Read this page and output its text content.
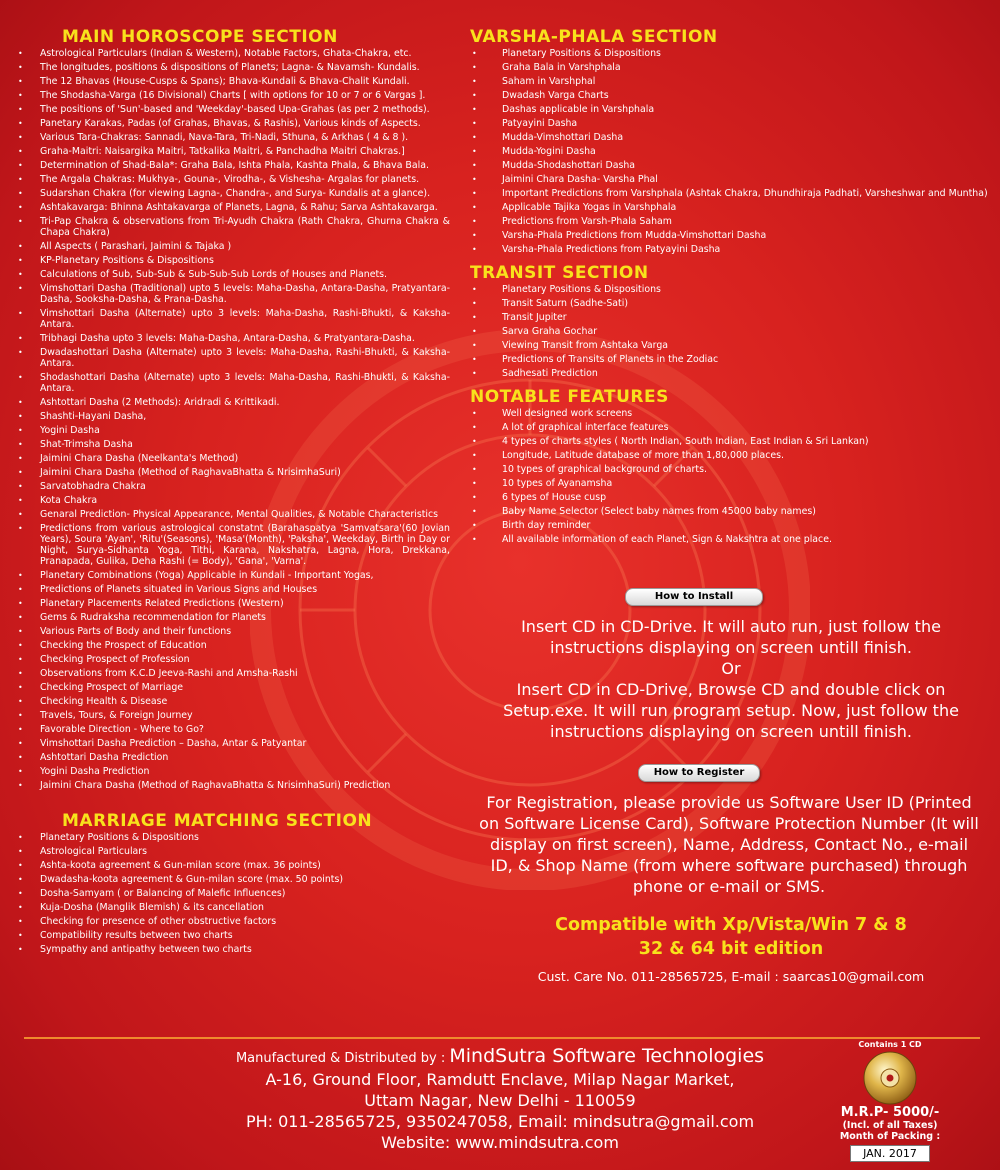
MAIN HOROSCOPE SECTION
• Astrological Particulars (Indian & Western), Notable Factors, Ghata-Chakra, etc.
• The longitudes, positions & dispositions of Planets; Lagna- & Navamsh- Kundalis.
• The 12 Bhavas (House-Cusps & Spans); Bhava-Kundali & Bhava-Chalit Kundali.
• The Shodasha-Varga (16 Divisional) Charts [ with options for 10 or 7 or 6 Vargas ].
• The positions of 'Sun'-based and 'Weekday'-based Upa-Grahas (as per 2 methods).
• Panetary Karakas, Padas (of Grahas, Bhavas, & Rashis), Various kinds of Aspects.
• Various Tara-Chakras: Sannadi, Nava-Tara, Tri-Nadi, Sthuna, & Arkhas ( 4 & 8 ).
• Graha-Maitri: Naisargika Maitri, Tatkalika Maitri, & Panchadha Maitri Chakras.]
• Determination of Shad-Bala*: Graha Bala, Ishta Phala, Kashta Phala, & Bhava Bala.
• The Argala Chakras: Mukhya-, Gouna-, Virodha-, & Vishesha- Argalas for planets.
• Sudarshan Chakra (for viewing Lagna-, Chandra-, and Surya- Kundalis at a glance).
• Ashtakavarga: Bhinna Ashtakavarga of Planets, Lagna, & Rahu; Sarva Ashtakavarga.
• Tri-Pap Chakra & observations from Tri-Ayudh Chakra (Rath Chakra, Ghurna Chakra & Chapa Chakra)
• All Aspects ( Parashari, Jaimini & Tajaka )
• KP-Planetary Positions & Dispositions
• Calculations of Sub, Sub-Sub & Sub-Sub-Sub Lords of Houses and Planets.
• Vimshottari Dasha (Traditional) upto 5 levels: Maha-Dasha, Antara-Dasha, Pratyantara-Dasha, Sooksha-Dasha, & Prana-Dasha.
• Vimshottari Dasha (Alternate) upto 3 levels: Maha-Dasha, Rashi-Bhukti, & Kaksha-Antara.
• Tribhagi Dasha upto 3 levels: Maha-Dasha, Antara-Dasha, & Pratyantara-Dasha.
• Dwadashottari Dasha (Alternate) upto 3 levels: Maha-Dasha, Rashi-Bhukti, & Kaksha-Antara.
• Shodashottari Dasha (Alternate) upto 3 levels: Maha-Dasha, Rashi-Bhukti, & Kaksha-Antara.
• Ashtottari Dasha (2 Methods): Aridradi & Krittikadi.
• Shashti-Hayani Dasha,
• Yogini Dasha
• Shat-Trimsha Dasha
• Jaimini Chara Dasha (Neelkanta's Method)
• Jaimini Chara Dasha (Method of RaghavaBhatta & NrisimhaSuri)
• Sarvatobhadra Chakra
• Kota Chakra
• Genaral Prediction- Physical Appearance, Mental Qualities, & Notable Characteristics
• Predictions from various astrological constatnt (Barahaspatya 'Samvatsara'(60 Jovian Years), Soura 'Ayan', 'Ritu'(Seasons), 'Masa'(Month), 'Paksha', Weekday, Birth in Day or Night, Surya-Sidhanta Yoga, Tithi, Karana, Nakshatra, Lagna, Hora, Drekkana, Pranapada, Gulika, Deha Rashi (= Body), 'Gana', 'Varna'.
• Planetary Combinations (Yoga) Applicable in Kundali - Important Yogas,
• Predictions of Planets situated in Various Signs and Houses
• Planetary Placements Related Predictions (Western)
• Gems & Rudraksha recommendation for Planets
• Various Parts of Body and their functions
• Checking the Prospect of Education
• Checking Prospect of Profession
• Observations from K.C.D Jeeva-Rashi and Amsha-Rashi
• Checking Prospect of Marriage
• Checking Health & Disease
• Travels, Tours, & Foreign Journey
• Favorable Direction - Where to Go?
• Vimshottari Dasha Prediction – Dasha, Antar & Patyantar
• Ashtottari Dasha Prediction
• Yogini Dasha Prediction
• Jaimini Chara Dasha (Method of RaghavaBhatta & NrisimhaSuri) Prediction
MARRIAGE MATCHING SECTION
• Planetary Positions & Dispositions
• Astrological Particulars
• Ashta-koota agreement & Gun-milan score (max. 36 points)
• Dwadasha-koota agreement & Gun-milan score (max. 50 points)
• Dosha-Samyam ( or Balancing of Malefic Influences)
• Kuja-Dosha (Manglik Blemish) & its cancellation
• Checking for presence of other obstructive factors
• Compatibility results between two charts
• Sympathy and antipathy between two charts
VARSHA-PHALA SECTION
• Planetary Positions & Dispositions
• Graha Bala in Varshphala
• Saham in Varshphal
• Dwadash Varga Charts
• Dashas applicable in Varshphala
• Patyayini Dasha
• Mudda-Vimshottari Dasha
• Mudda-Yogini Dasha
• Mudda-Shodashottari Dasha
• Jaimini Chara Dasha- Varsha Phal
• Important Predictions from Varshphala (Ashtak Chakra, Dhundhiraja Padhati, Varsheshwar and Muntha)
• Applicable Tajika Yogas in Varshphala
• Predictions from Varsh-Phala Saham
• Varsha-Phala Predictions from Mudda-Vimshottari Dasha
• Varsha-Phala Predictions from Patyayini Dasha
TRANSIT SECTION
• Planetary Positions & Dispositions
• Transit Saturn (Sadhe-Sati)
• Transit Jupiter
• Sarva Graha Gochar
• Viewing Transit from Ashtaka Varga
• Predictions of Transits of Planets in the Zodiac
• Sadhesati Prediction
NOTABLE FEATURES
• Well designed work screens
• A lot of graphical interface features
• 4 types of charts styles ( North Indian, South Indian, East Indian & Sri Lankan)
• Longitude, Latitude database of more than 1,80,000 places.
• 10 types of graphical background of charts.
• 10 types of Ayanamsha
• 6 types of House cusp
• Baby Name Selector (Select baby names from 45000 baby names)
• Birth day reminder
• All available information of each Planet, Sign & Nakshtra at one place.
How to Install

Insert CD in CD-Drive. It will auto run, just follow the

instructions displaying on screen untill finish.

Or

Insert CD in CD-Drive, Browse CD and double click on

Setup.exe. It will run program setup. Now, just follow the

instructions displaying on screen untill finish.

How to Register

For Registration, please provide us Software User ID (Printed

on Software License Card), Software Protection Number (It will

display on first screen), Name, Address, Contact No., e-mail

ID, & Shop Name (from where software purchased) through

phone or e-mail or SMS.

Compatible with Xp/Vista/Win 7 & 8

32 & 64 bit edition

Cust. Care No. 011-28565725, E-mail : saarcas10@gmail.com

Manufactured & Distributed by : MindSutra Software Technologies
A-16, Ground Floor, Ramdutt Enclave, Milap Nagar Market,
Uttam Nagar, New Delhi - 110059
PH: 011-28565725, 9350247058, Email: mindsutra@gmail.com
Website: www.mindsutra.com

Contains 1 CD

M.R.P- 5000/-

(Incl. of all Taxes)

Month of Packing :

JAN. 2017
